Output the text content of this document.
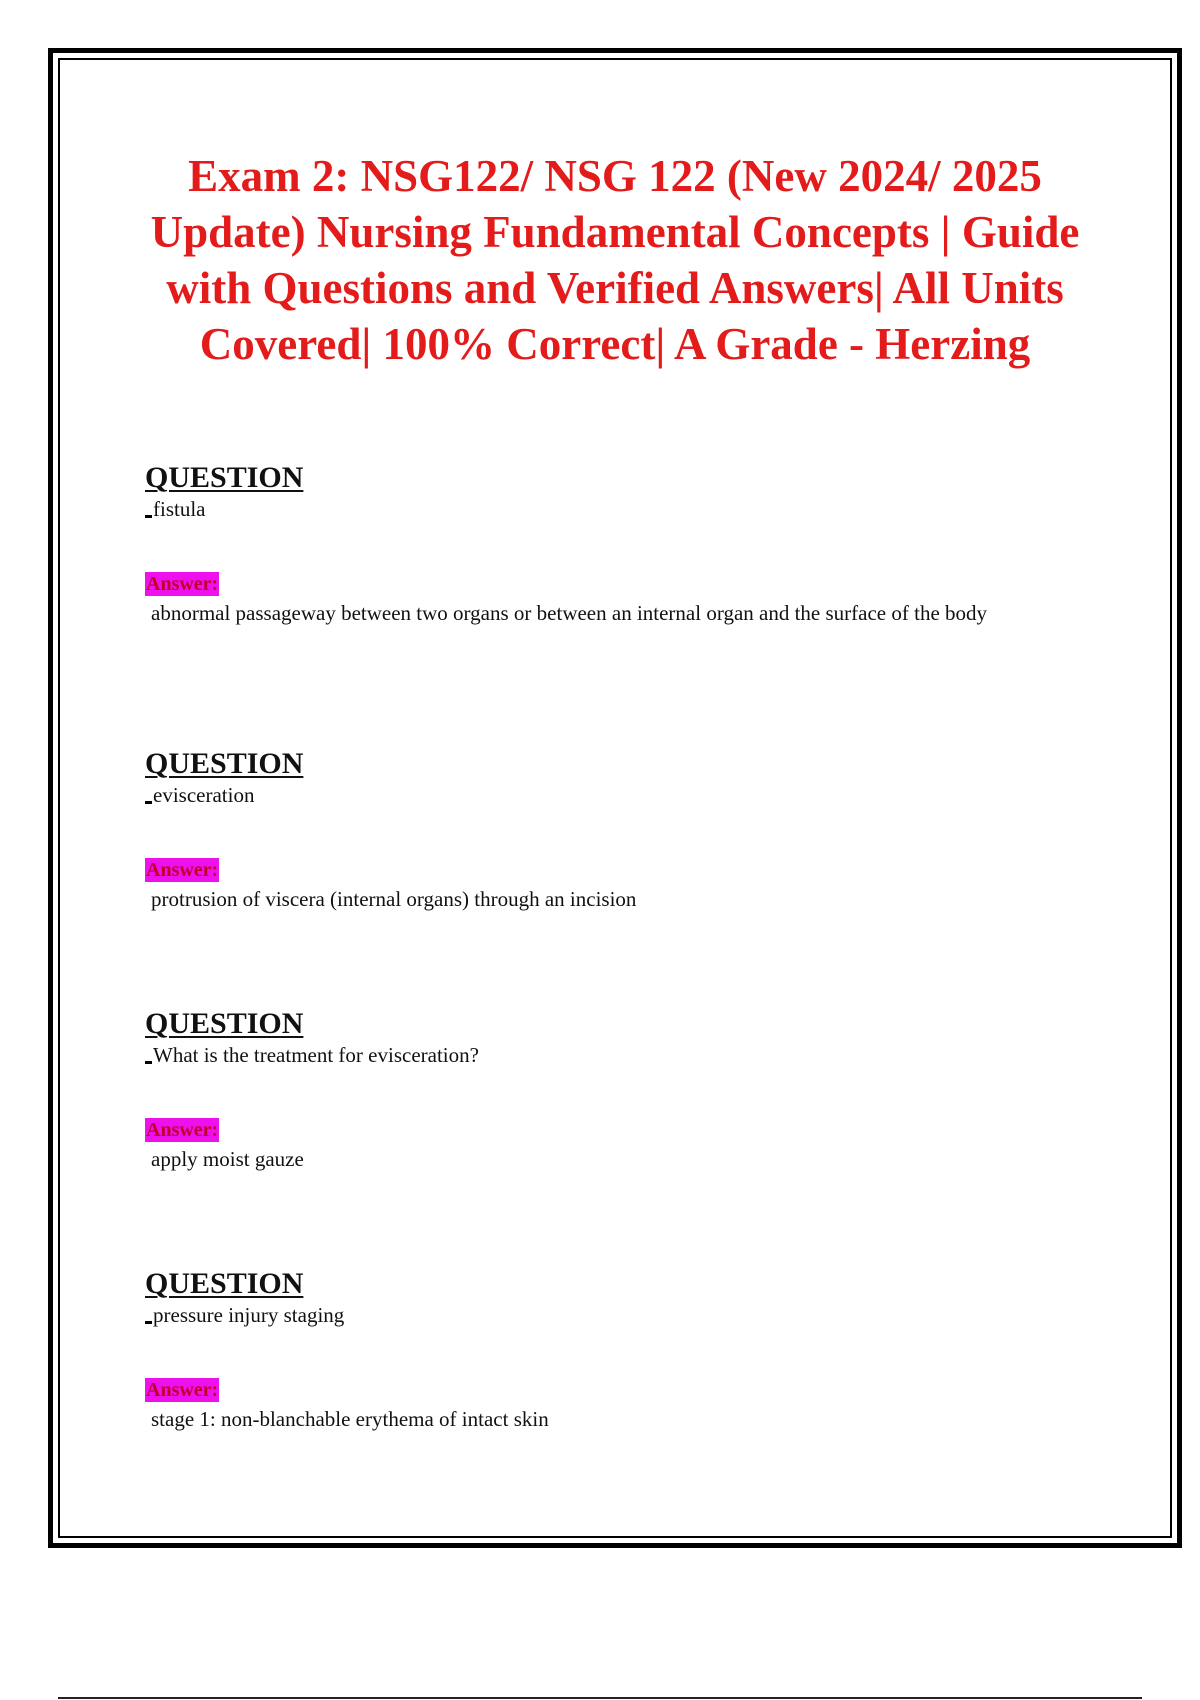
Exam 2: NSG122/ NSG 122 (New 2024/ 2025 Update) Nursing Fundamental Concepts | Guide with Questions and Verified Answers| All Units Covered| 100% Correct| A Grade - Herzing
QUESTION
fistula
Answer:
abnormal passageway between two organs or between an internal organ and the surface of the body
QUESTION
evisceration
Answer:
protrusion of viscera (internal organs) through an incision
QUESTION
What is the treatment for evisceration?
Answer:
apply moist gauze
QUESTION
pressure injury staging
Answer:
stage 1: non-blanchable erythema of intact skin
